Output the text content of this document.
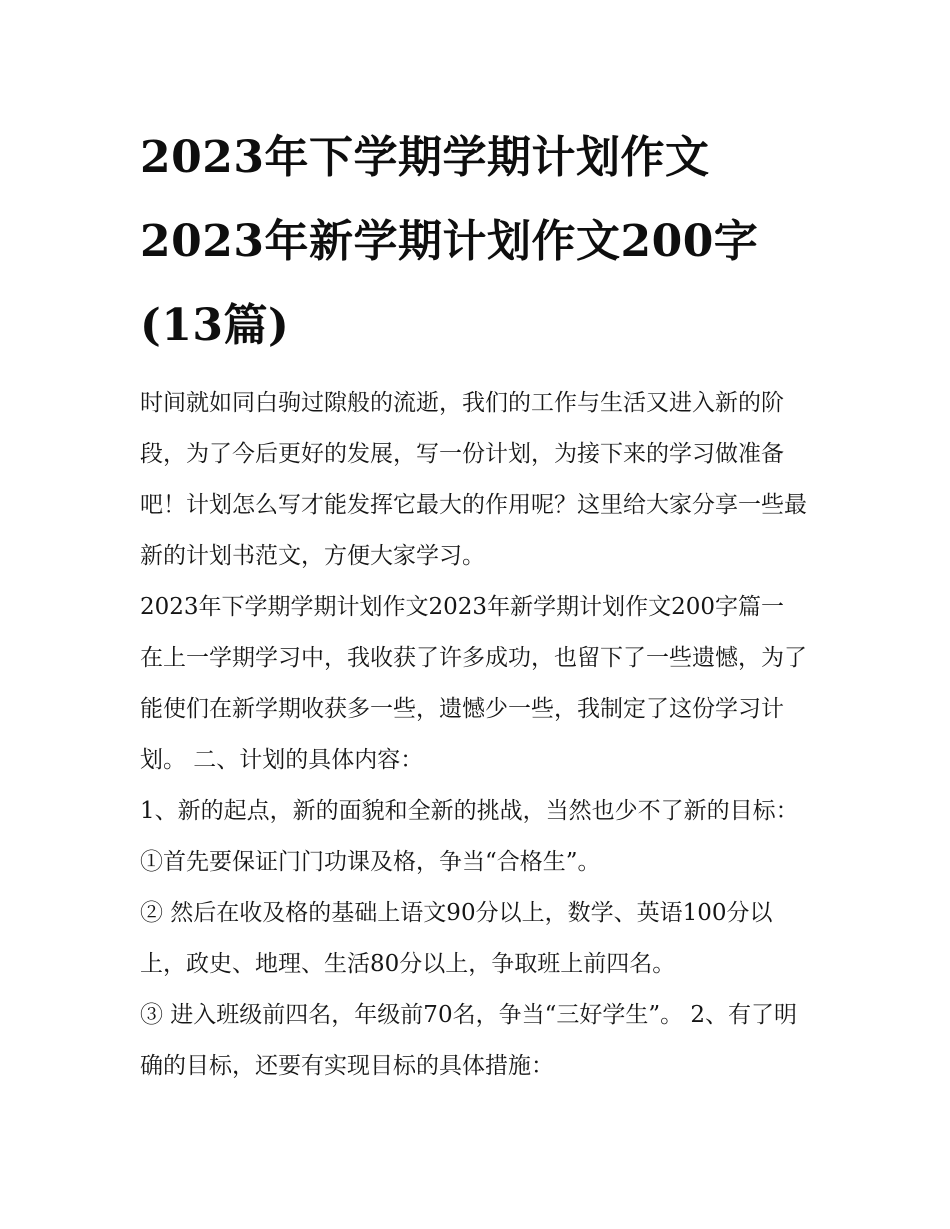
2023年下学期学期计划作文
2023年新学期计划作文200字
(13篇)

时间就如同白驹过隙般的流逝，我们的工作与生活又进入新的阶段，为了今后更好的发展，写一份计划，为接下来的学习做准备吧！计划怎么写才能发挥它最大的作用呢？这里给大家分享一些最新的计划书范文，方便大家学习。

2023年下学期学期计划作文2023年新学期计划作文200字篇一

在上一学期学习中，我收获了许多成功，也留下了一些遗憾，为了能使们在新学期收获多一些，遗憾少一些，我制定了这份学习计划。 二、计划的具体内容：

1、新的起点，新的面貌和全新的挑战，当然也少不了新的目标： ①首先要保证门门功课及格，争当“合格生”。

② 然后在收及格的基础上语文90分以上，数学、英语100分以上，政史、地理、生活80分以上，争取班上前四名。

③ 进入班级前四名，年级前70名，争当“三好学生”。 2、有了明确的目标，还要有实现目标的具体措施：
